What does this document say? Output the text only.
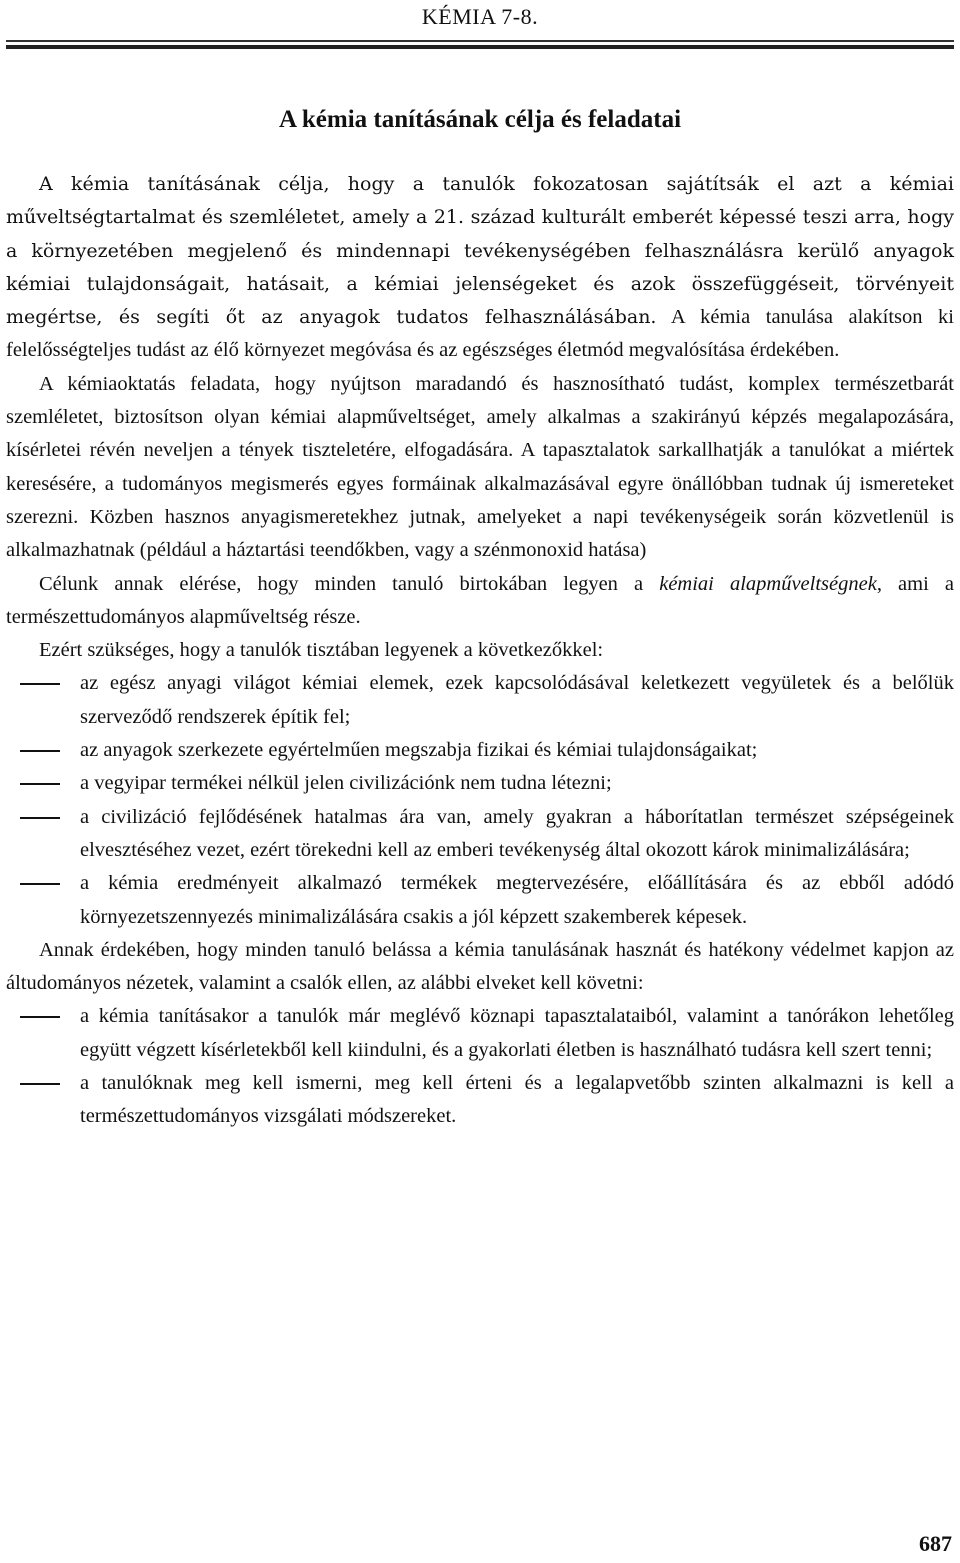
KÉMIA 7-8.
A kémia tanításának célja és feladatai

A kémia tanításának célja, hogy a tanulók fokozatosan sajátítsák el azt a kémiai műveltségtartalmat és szemléletet, amely a 21. század kulturált emberét képessé teszi arra, hogy a környezetében megjelenő és mindennapi tevékenységében felhasználásra kerülő anyagok kémiai tulajdonságait, hatásait, a kémiai jelenségeket és azok összefüggéseit, törvényeit megértse, és segíti őt az anyagok tudatos felhasználásában. A kémia tanulása alakítson ki felelősségteljes tudást az élő környezet megóvása és az egészséges életmód megvalósítása érdekében.

A kémiaoktatás feladata, hogy nyújtson maradandó és hasznosítható tudást, komplex természetbarát szemléletet, biztosítson olyan kémiai alapműveltséget, amely alkalmas a szakirányú képzés megalapozására, kísérletei révén neveljen a tények tiszteletére, elfogadására. A tapasztalatok sarkallhatják a tanulókat a miértek keresésére, a tudományos megismerés egyes formáinak alkalmazásával egyre önállóbban tudnak új ismereteket szerezni. Közben hasznos anyagismeretekhez jutnak, amelyeket a napi tevékenységeik során közvetlenül is alkalmazhatnak (például a háztartási teendőkben, vagy a szénmonoxid hatása)

Célunk annak elérése, hogy minden tanuló birtokában legyen a kémiai alapműveltségnek, ami a természettudományos alapműveltség része.

Ezért szükséges, hogy a tanulók tisztában legyenek a következőkkel:

az egész anyagi világot kémiai elemek, ezek kapcsolódásával keletkezett vegyületek és a belőlük szerveződő rendszerek építik fel;
az anyagok szerkezete egyértelműen megszabja fizikai és kémiai tulajdonságaikat;
a vegyipar termékei nélkül jelen civilizációnk nem tudna létezni;
a civilizáció fejlődésének hatalmas ára van, amely gyakran a háborítatlan természet szépségeinek elvesztéséhez vezet, ezért törekedni kell az emberi tevékenység által okozott károk minimalizálására;
a kémia eredményeit alkalmazó termékek megtervezésére, előállítására és az ebből adódó környezetszennyezés minimalizálására csakis a jól képzett szakemberek képesek.

Annak érdekében, hogy minden tanuló belássa a kémia tanulásának hasznát és hatékony védelmet kapjon az áltudományos nézetek, valamint a csalók ellen, az alábbi elveket kell követni:

a kémia tanításakor a tanulók már meglévő köznapi tapasztalataiból, valamint a tanórákon lehetőleg együtt végzett kísérletekből kell kiindulni, és a gyakorlati életben is használható tudásra kell szert tenni;
a tanulóknak meg kell ismerni, meg kell érteni és a legalapvetőbb szinten alkalmazni is kell a természettudományos vizsgálati módszereket.
687
